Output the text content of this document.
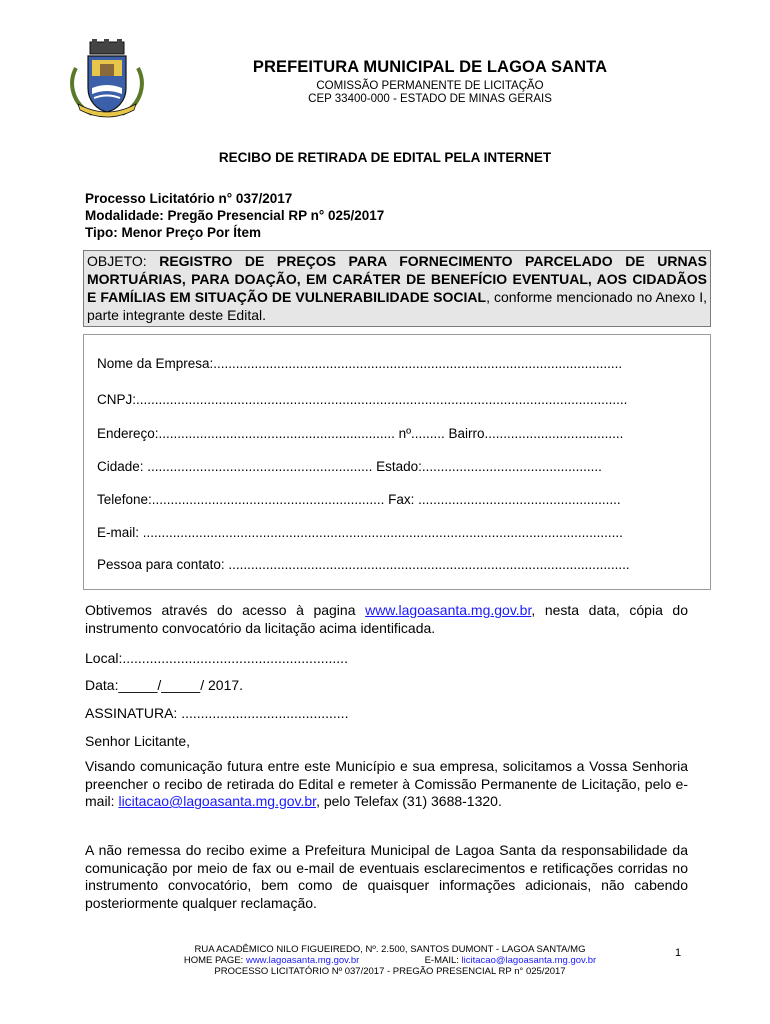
PREFEITURA MUNICIPAL DE LAGOA SANTA
COMISSÃO PERMANENTE DE LICITAÇÃO
CEP 33400-000 - ESTADO DE MINAS GERAIS
RECIBO DE RETIRADA DE EDITAL PELA INTERNET
Processo Licitatório n° 037/2017
Modalidade: Pregão Presencial RP n° 025/2017
Tipo: Menor Preço Por Ítem
OBJETO: REGISTRO DE PREÇOS PARA FORNECIMENTO PARCELADO DE URNAS MORTUÁRIAS, PARA DOAÇÃO, EM CARÁTER DE BENEFÍCIO EVENTUAL, AOS CIDADÃOS E FAMÍLIAS EM SITUAÇÃO DE VULNERABILIDADE SOCIAL, conforme mencionado no Anexo I, parte integrante deste Edital.
Nome da Empresa:.............................................................................................................
CNPJ:...................................................................................................................................
Endereço:............................................................... nº......... Bairro.....................................
Cidade: ............................................................ Estado:................................................
Telefone:.............................................................. Fax: ......................................................
E-mail: ................................................................................................................................
Pessoa para contato: ...........................................................................................................
Obtivemos através do acesso à pagina www.lagoasanta.mg.gov.br, nesta data, cópia do instrumento convocatório da licitação acima identificada.
Local:..........................................................
Data:_____/_____/ 2017.
ASSINATURA: ...........................................
Senhor Licitante,
Visando comunicação futura entre este Município e sua empresa, solicitamos a Vossa Senhoria preencher o recibo de retirada do Edital e remeter à Comissão Permanente de Licitação, pelo e-mail: licitacao@lagoasanta.mg.gov.br, pelo Telefax (31) 3688-1320.
A não remessa do recibo exime a Prefeitura Municipal de Lagoa Santa da responsabilidade da comunicação por meio de fax ou e-mail de eventuais esclarecimentos e retificações corridas no instrumento convocatório, bem como de quaisquer informações adicionais, não cabendo posteriormente qualquer reclamação.
RUA ACADÊMICO NILO FIGUEIREDO, Nº. 2.500, SANTOS DUMONT - LAGOA SANTA/MG
HOME PAGE: www.lagoasanta.mg.gov.br	E-MAIL: licitacao@lagoasanta.mg.gov.br
PROCESSO LICITATÓRIO Nº 037/2017 - PREGÃO PRESENCIAL RP n° 025/2017
1
